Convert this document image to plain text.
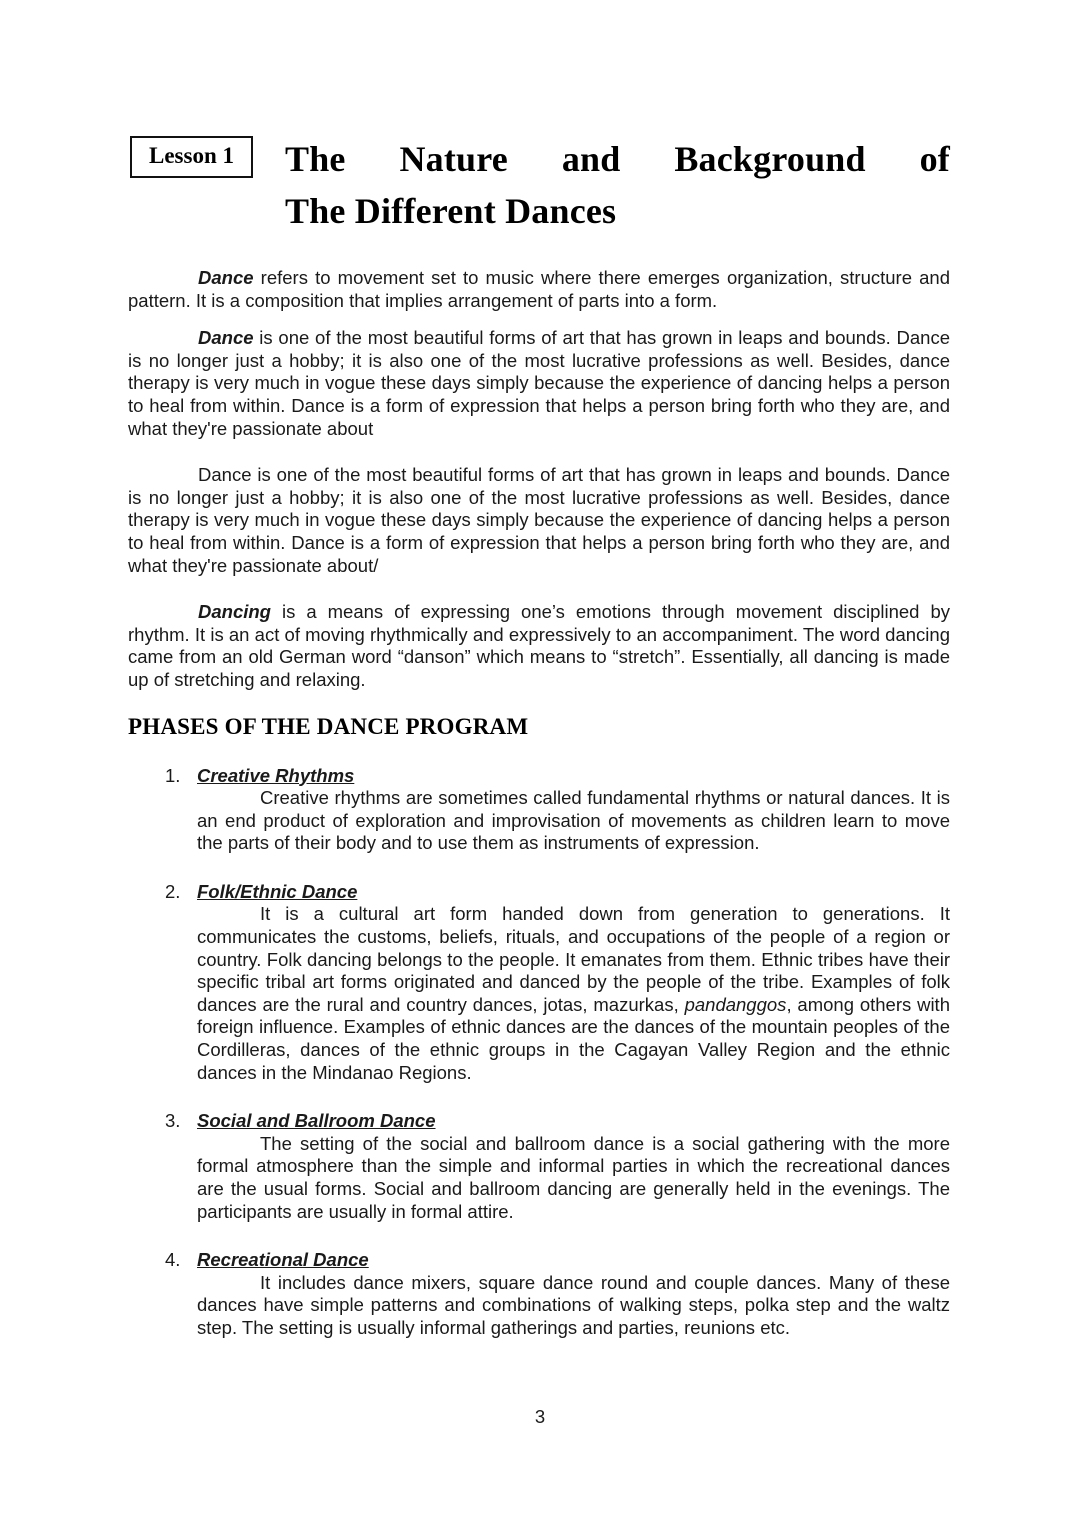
Lesson 1	The Nature and Background of
The Different Dances

Dance refers to movement set to music where there emerges organization, structure and pattern. It is a composition that implies arrangement of parts into a form.

Dance is one of the most beautiful forms of art that has grown in leaps and bounds. Dance is no longer just a hobby; it is also one of the most lucrative professions as well. Besides, dance therapy is very much in vogue these days simply because the experience of dancing helps a person to heal from within. Dance is a form of expression that helps a person bring forth who they are, and what they're passionate about

Dance is one of the most beautiful forms of art that has grown in leaps and bounds. Dance is no longer just a hobby; it is also one of the most lucrative professions as well. Besides, dance therapy is very much in vogue these days simply because the experience of dancing helps a person to heal from within. Dance is a form of expression that helps a person bring forth who they are, and what they're passionate about/

Dancing is a means of expressing one’s emotions through movement disciplined by rhythm. It is an act of moving rhythmically and expressively to an accompaniment. The word dancing came from an old German word “danson” which means to “stretch”. Essentially, all dancing is made up of stretching and relaxing.

PHASES OF THE DANCE PROGRAM
1. Creative Rhythms

Creative rhythms are sometimes called fundamental rhythms or natural dances. It is an end product of exploration and improvisation of movements as children learn to move the parts of their body and to use them as instruments of expression.

2. Folk/Ethnic Dance

It is a cultural art form handed down from generation to generations. It communicates the customs, beliefs, rituals, and occupations of the people of a region or country. Folk dancing belongs to the people. It emanates from them. Ethnic tribes have their specific tribal art forms originated and danced by the people of the tribe. Examples of folk dances are the rural and country dances, jotas, mazurkas, pandanggos, among others with foreign influence. Examples of ethnic dances are the dances of the mountain peoples of the Cordilleras, dances of the ethnic groups in the Cagayan Valley Region and the ethnic dances in the Mindanao Regions.

3. Social and Ballroom Dance

The setting of the social and ballroom dance is a social gathering with the more formal atmosphere than the simple and informal parties in which the recreational dances are the usual forms. Social and ballroom dancing are generally held in the evenings. The participants are usually in formal attire.

4. Recreational Dance

It includes dance mixers, square dance round and couple dances. Many of these dances have simple patterns and combinations of walking steps, polka step and the waltz step. The setting is usually informal gatherings and parties, reunions etc.

3
